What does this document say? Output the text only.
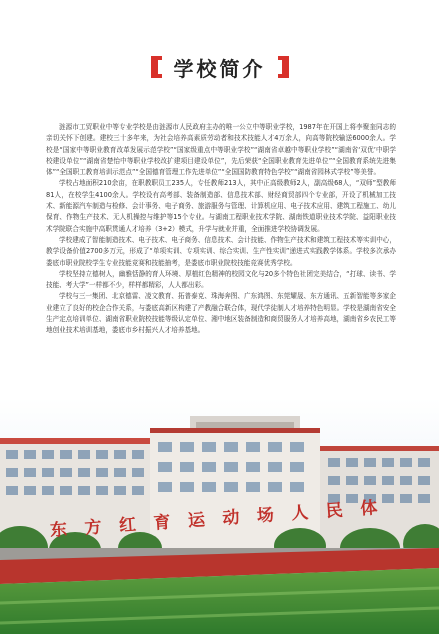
学校简介

涟源市工贸职业中等专业学校是由涟源市人民政府主办的唯一公立中等职业学校，1987年在开国上将李聚奎同志的亲切关怀下创建。建校三十多年来，为社会培养高素质劳动者和技术技能人才4万余人，向高等院校输送6000余人。学校是“国家中等职业教育改革发展示范学校”“国家级重点中等职业学校”“湖南省卓越中等职业学校”“湖南省‘双优’中职学校建设单位”“湖南省楚怡中等职业学校改扩建项目建设单位”，先后荣获“全国职业教育先进单位”“全国教育系统先进集体”“全国职工教育培训示范点”“全国德育管理工作先进单位”“全国国防教育特色学校”“湖南省园林式学校”等美誉。

学校占地面积210余亩，在职教职员工235人，专任教师213人，其中正高级教师2人，副高级68人，“双师”型教师81人，在校学生4100余人。学校设有高考部、装备制造部、信息技术部、财经商贸部四个专业部，开设了机械加工技术、新能源汽车制造与检修、会计事务、电子商务、旅游服务与管理、计算机应用、电子技术应用、建筑工程施工、幼儿保育、作物生产技术、无人机操控与维护等15个专业。与湖南工程职业技术学院、湖南铁道职业技术学院、益阳职业技术学院联合实施中高职贯通人才培养（3+2）模式，升学与就业并重，全面推进学校协调发展。

学校建成了智能制造技术、电子技术、电子商务、信息技术、会计技能、作物生产技术和建筑工程技术等实训中心，教学设备价值2700多万元，形成了“单项实训、专项实训、综合实训、生产性实训”递进式实践教学体系。学校多次承办娄底市职业院校学生专业技能竞赛和技能抽考，是娄底市职业院校技能竞赛优秀学校。

学校坚持立德树人，幽雅恬静的育人环境、厚植红色精神的校园文化与20多个特色社团完美结合，“打球、读书、学技能、考大学”一样都不少，样样都精彩，人人都出彩。

学校与三一集团、北京德雷、凌文教育、拓普泰克、珠海奔图、广东鸿图、东莞耀晟、东方通讯、五新智能等多家企业建立了良好的校企合作关系，与娄底高新区构建了产教融合联合体，现代学徒制人才培养特色明显。学校是湖南省安全生产定点培训单位、湖南省职业院校技能等级认定单位、湘中地区装备制造和商贸服务人才培养高地，湖南省乡农民工等地创业技术培训基地，娄底市乡村振兴人才培养基地。

东 方 红 育 运 动 场 人 民 体
